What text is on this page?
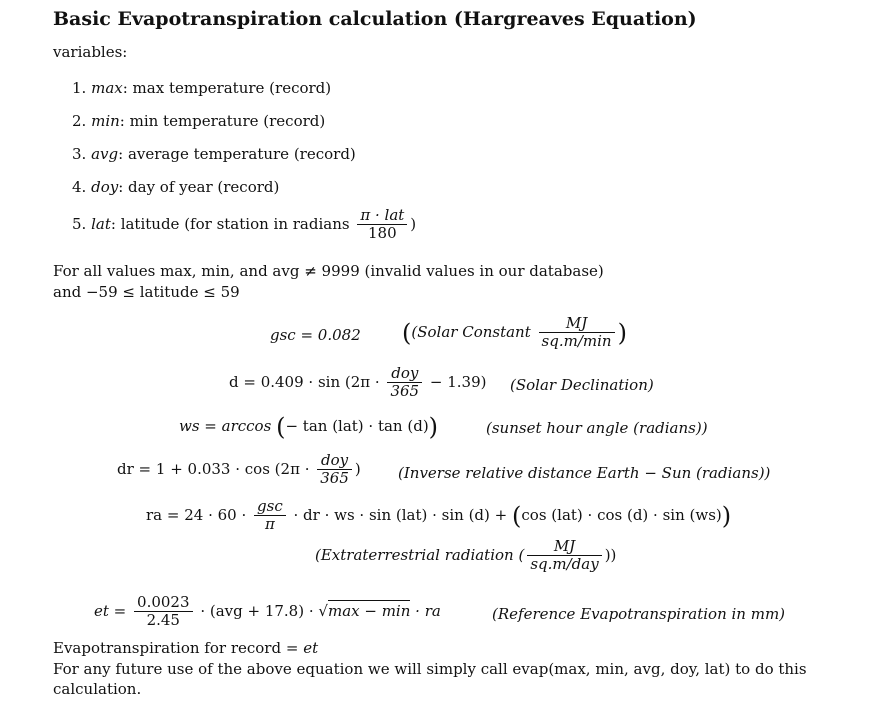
Basic Evapotranspiration calculation (Hargreaves Equation)
variables:
1. max: max temperature (record)
2. min: min temperature (record)
3. avg: average temperature (record)
4. doy: day of year (record)
5. lat: latitude (for station in radians $\frac{\text{π · lat}}{180}$ )
For all values max, min, and avg ≠ 9999 (invalid values in our database)
and −59 ≤ latitude ≤ 59
gsc = 0.082 ((Solar Constant $\frac{MJ}{sq.m/\min}$ )
$d = 0.409 \cdot \sin (2\pi \cdot \frac{\text{doy}}{365} - 1.39)$ (Solar Declination)
ws = arccos (− tan (lat) · tan (d))	(sunset hour angle (radians))
dr = $1 + 0.033 \cdot \cos (2\pi \cdot \frac{\text{doy}}{365}$ ) (Inverse relative distance Earth − Sun (radians))
ra = $24 \cdot 60 \cdot \frac{\text{gsc}}{\pi}$ · dr · ws · sin (lat) · sin (d) + (cos (lat) · cos (d) · sin (ws))
(Extraterrestrial radiation ( $\frac{MJ}{\text{sq.m/day}}$ ))
et = $\frac{0.0023}{2.45} \cdot (avg + 17.8) \cdot √\max - \min$ · ra	(Reference Evapotranspiration in mm)
Evapotranspiration for record = et
For any future use of the above equation we will simply call evap(max, min, avg, doy, lat) to do this
calculation.
